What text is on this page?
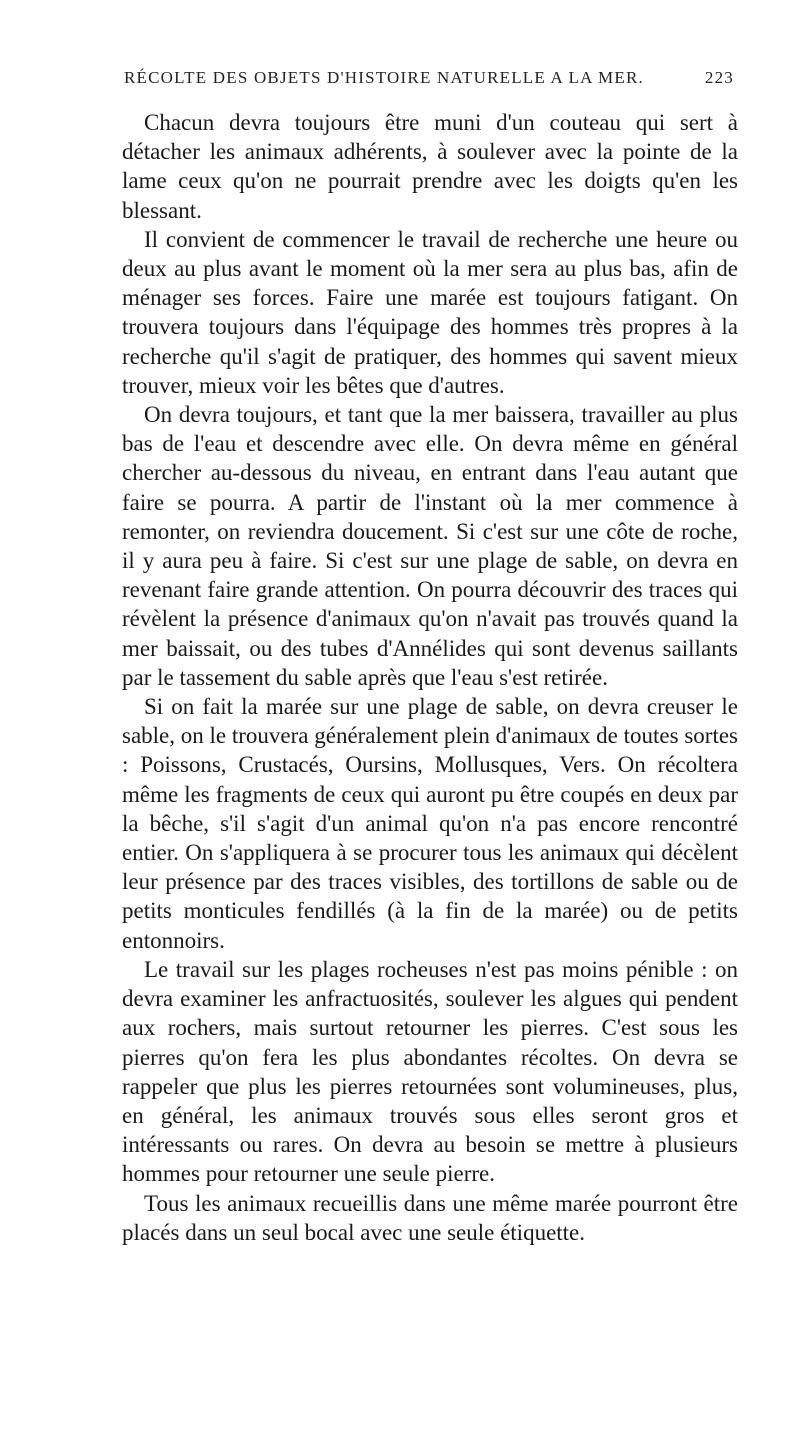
RÉCOLTE DES OBJETS D'HISTOIRE NATURELLE A LA MER.	223

Chacun devra toujours être muni d'un couteau qui sert à détacher les animaux adhérents, à soulever avec la pointe de la lame ceux qu'on ne pourrait prendre avec les doigts qu'en les blessant.

Il convient de commencer le travail de recherche une heure ou deux au plus avant le moment où la mer sera au plus bas, afin de ménager ses forces. Faire une marée est toujours fatigant. On trouvera toujours dans l'équipage des hommes très propres à la recherche qu'il s'agit de pratiquer, des hommes qui savent mieux trouver, mieux voir les bêtes que d'autres.

On devra toujours, et tant que la mer baissera, travailler au plus bas de l'eau et descendre avec elle. On devra même en général chercher au-dessous du niveau, en entrant dans l'eau autant que faire se pourra. A partir de l'instant où la mer commence à remonter, on reviendra doucement. Si c'est sur une côte de roche, il y aura peu à faire. Si c'est sur une plage de sable, on devra en revenant faire grande attention. On pourra découvrir des traces qui révèlent la présence d'animaux qu'on n'avait pas trouvés quand la mer baissait, ou des tubes d'Annélides qui sont devenus saillants par le tassement du sable après que l'eau s'est retirée.

Si on fait la marée sur une plage de sable, on devra creuser le sable, on le trouvera généralement plein d'animaux de toutes sortes : Poissons, Crustacés, Oursins, Mollusques, Vers. On récoltera même les fragments de ceux qui auront pu être coupés en deux par la bêche, s'il s'agit d'un animal qu'on n'a pas encore rencontré entier. On s'appliquera à se procurer tous les animaux qui décèlent leur présence par des traces visibles, des tortillons de sable ou de petits monticules fendillés (à la fin de la marée) ou de petits entonnoirs.

Le travail sur les plages rocheuses n'est pas moins pénible : on devra examiner les anfractuosités, soulever les algues qui pendent aux rochers, mais surtout retourner les pierres. C'est sous les pierres qu'on fera les plus abondantes récoltes. On devra se rappeler que plus les pierres retournées sont volumineuses, plus, en général, les animaux trouvés sous elles seront gros et intéressants ou rares. On devra au besoin se mettre à plusieurs hommes pour retourner une seule pierre.

Tous les animaux recueillis dans une même marée pourront être placés dans un seul bocal avec une seule étiquette.
